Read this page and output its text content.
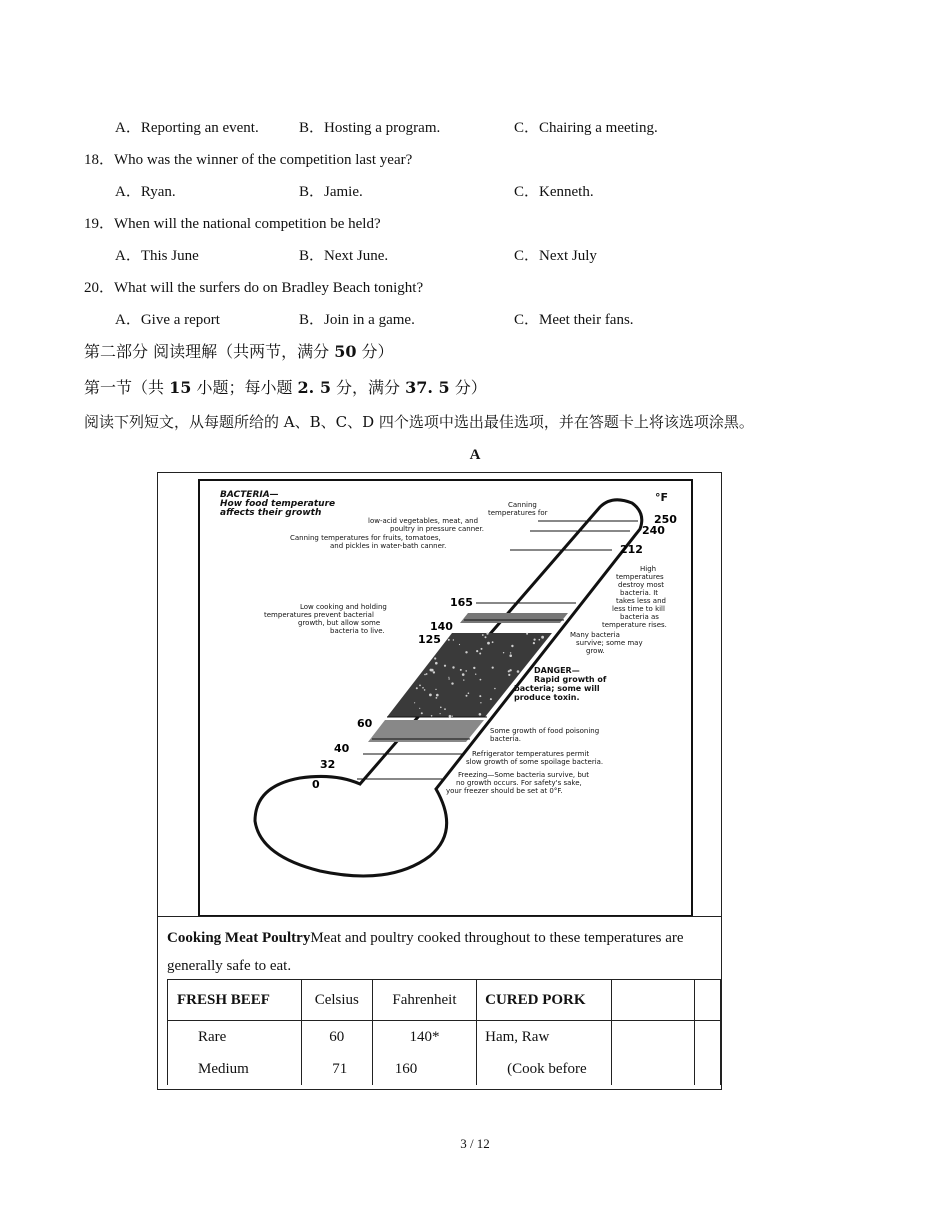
A．Reporting an event.	B．Hosting a program.	C．Chairing a meeting.
18．Who was the winner of the competition last year?
A．Ryan.	B．Jamie.	C．Kenneth.
19．When will the national competition be held?
A．This June	B．Next June.	C．Next July
20．What will the surfers do on Bradley Beach tonight?
A．Give a report	B．Join in a game.	C．Meet their fans.
第二部分 阅读理解（共两节，满分 50 分）
第一节（共 15 小题；每小题 2. 5 分，满分 37. 5 分）
阅读下列短文，从每题所给的 A、B、C、D 四个选项中选出最佳选项，并在答题卡上将该选项涂黑。
A
BACTERIA—
How food temperature
affects their growth
°F
250
240
212
165
140
125
60
40
32
0
Canning
temperatures for
low-acid vegetables, meat, and
poultry in pressure canner.
Canning temperatures for fruits, tomatoes,
and pickles in water-bath canner.
High
temperatures
destroy most
bacteria. It
takes less and
less time to kill
bacteria as
temperature rises.
Low cooking and holding
temperatures prevent bacterial
growth, but allow some
bacteria to live.	Many bacteria
survive; some may
grow.
DANGER—
Rapid growth of
bacteria; some will
produce toxin.
Some growth of food poisoning
bacteria.
Refrigerator temperatures permit
slow growth of some spoilage bacteria.
Freezing—Some bacteria survive, but
no growth occurs. For safety's sake,
your freezer should be set at 0°F.
Cooking Meat PoultryMeat and poultry cooked throughout to these temperatures are generally safe to eat.
FRESH BEEF	Celsius	Fahrenheit	CURED PORK		
Rare	60	140*	Ham, Raw		
Medium	71	160	(Cook before		
3 / 12
